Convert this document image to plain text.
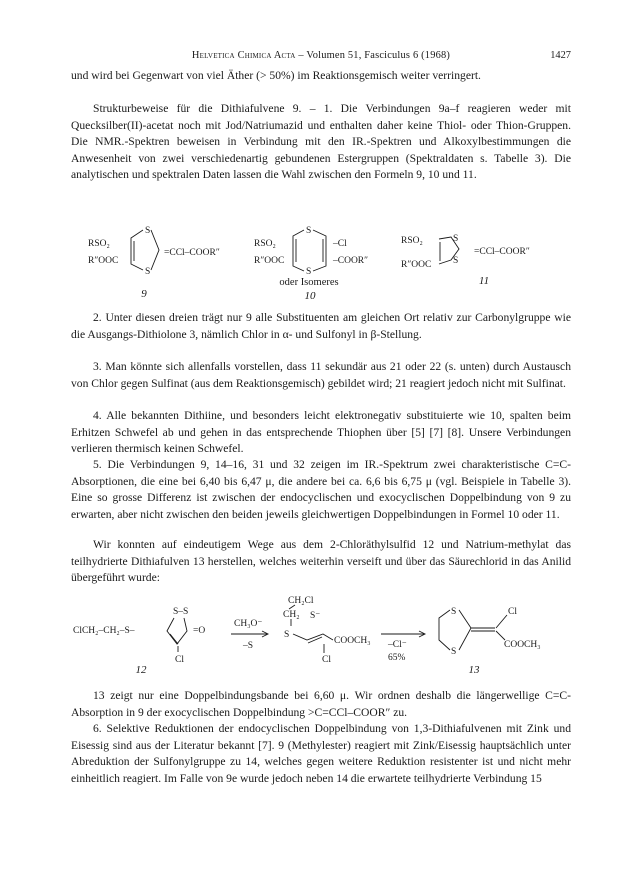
Helvetica Chimica Acta – Volumen 51, Fasciculus 6 (1968)	1427

und wird bei Gegenwart von viel Äther (> 50%) im Reaktionsgemisch weiter verringert.

Strukturbeweise für die Dithiafulvene 9. – 1. Die Verbindungen 9a–f reagieren weder mit Quecksilber(II)-acetat noch mit Jod/Natriumazid und enthalten daher keine Thiol- oder Thion-Gruppen. Die NMR.-Spektren beweisen in Verbindung mit den IR.-Spektren und Alkoxylbestimmungen die Anwesenheit von zwei verschiedenartig gebundenen Estergruppen (Spektraldaten s. Tabelle 3). Die analytischen und spektralen Daten lassen die Wahl zwischen den Formeln 9, 10 und 11.

RSO₂
R″OOC
S
S
=CCl–COOR″
RSO₂
R″OOC
S
S
–Cl
–COOR″
RSO₂
R″OOC
S
S
=CCl–COOR″
9
oder Isomeres
10
11

2. Unter diesen dreien trägt nur 9 alle Substituenten am gleichen Ort relativ zur Carbonylgruppe wie die Ausgangs-Dithiolone 3, nämlich Chlor in α- und Sulfonyl in β-Stellung.

3. Man könnte sich allenfalls vorstellen, dass 11 sekundär aus 21 oder 22 (s. unten) durch Austausch von Chlor gegen Sulfinat (aus dem Reaktionsgemisch) gebildet wird; 21 reagiert jedoch nicht mit Sulfinat.

4. Alle bekannten Dithiine, und besonders leicht elektronegativ substituierte wie 10, spalten beim Erhitzen Schwefel ab und gehen in das entsprechende Thiophen über [5] [7] [8]. Unsere Verbindungen verlieren thermisch keinen Schwefel.

5. Die Verbindungen 9, 14–16, 31 und 32 zeigen im IR.-Spektrum zwei charakteristische C=C-Absorptionen, die eine bei 6,40 bis 6,47 μ, die andere bei ca. 6,6 bis 6,75 μ (vgl. Beispiele in Tabelle 3). Eine so grosse Differenz ist zwischen der endocyclischen und exocyclischen Doppelbindung von 9 zu erwarten, aber nicht zwischen den beiden jeweils gleichwertigen Doppelbindungen in Formel 10 oder 11.

Wir konnten auf eindeutigem Wege aus dem 2-Chloräthylsulfid 12 und Natrium-methylat das teilhydrierte Dithiafulven 13 herstellen, welches weiterhin verseift und über das Säurechlorid in das Anilid übergeführt wurde:

ClCH₂–CH₂–S–
S–S
=O
Cl
CH₃O⁻
–S
CH₂Cl
CH₂ S⁻
S
COOCH₃
Cl
–Cl⁻
65%
S
S
Cl
COOCH₃
12	13

13 zeigt nur eine Doppelbindungsbande bei 6,60 μ. Wir ordnen deshalb die längerwellige C=C-Absorption in 9 der exocyclischen Doppelbindung >C=CCl–COOR″ zu.

6. Selektive Reduktionen der endocyclischen Doppelbindung von 1,3-Dithiafulvenen mit Zink und Eisessig sind aus der Literatur bekannt [7]. 9 (Methylester) reagiert mit Zink/Eisessig hauptsächlich unter Abreduktion der Sulfonylgruppe zu 14, welches gegen weitere Reduktion resistenter ist und nicht mehr einheitlich reagiert. Im Falle von 9e wurde jedoch neben 14 die erwartete teilhydrierte Verbindung 15
